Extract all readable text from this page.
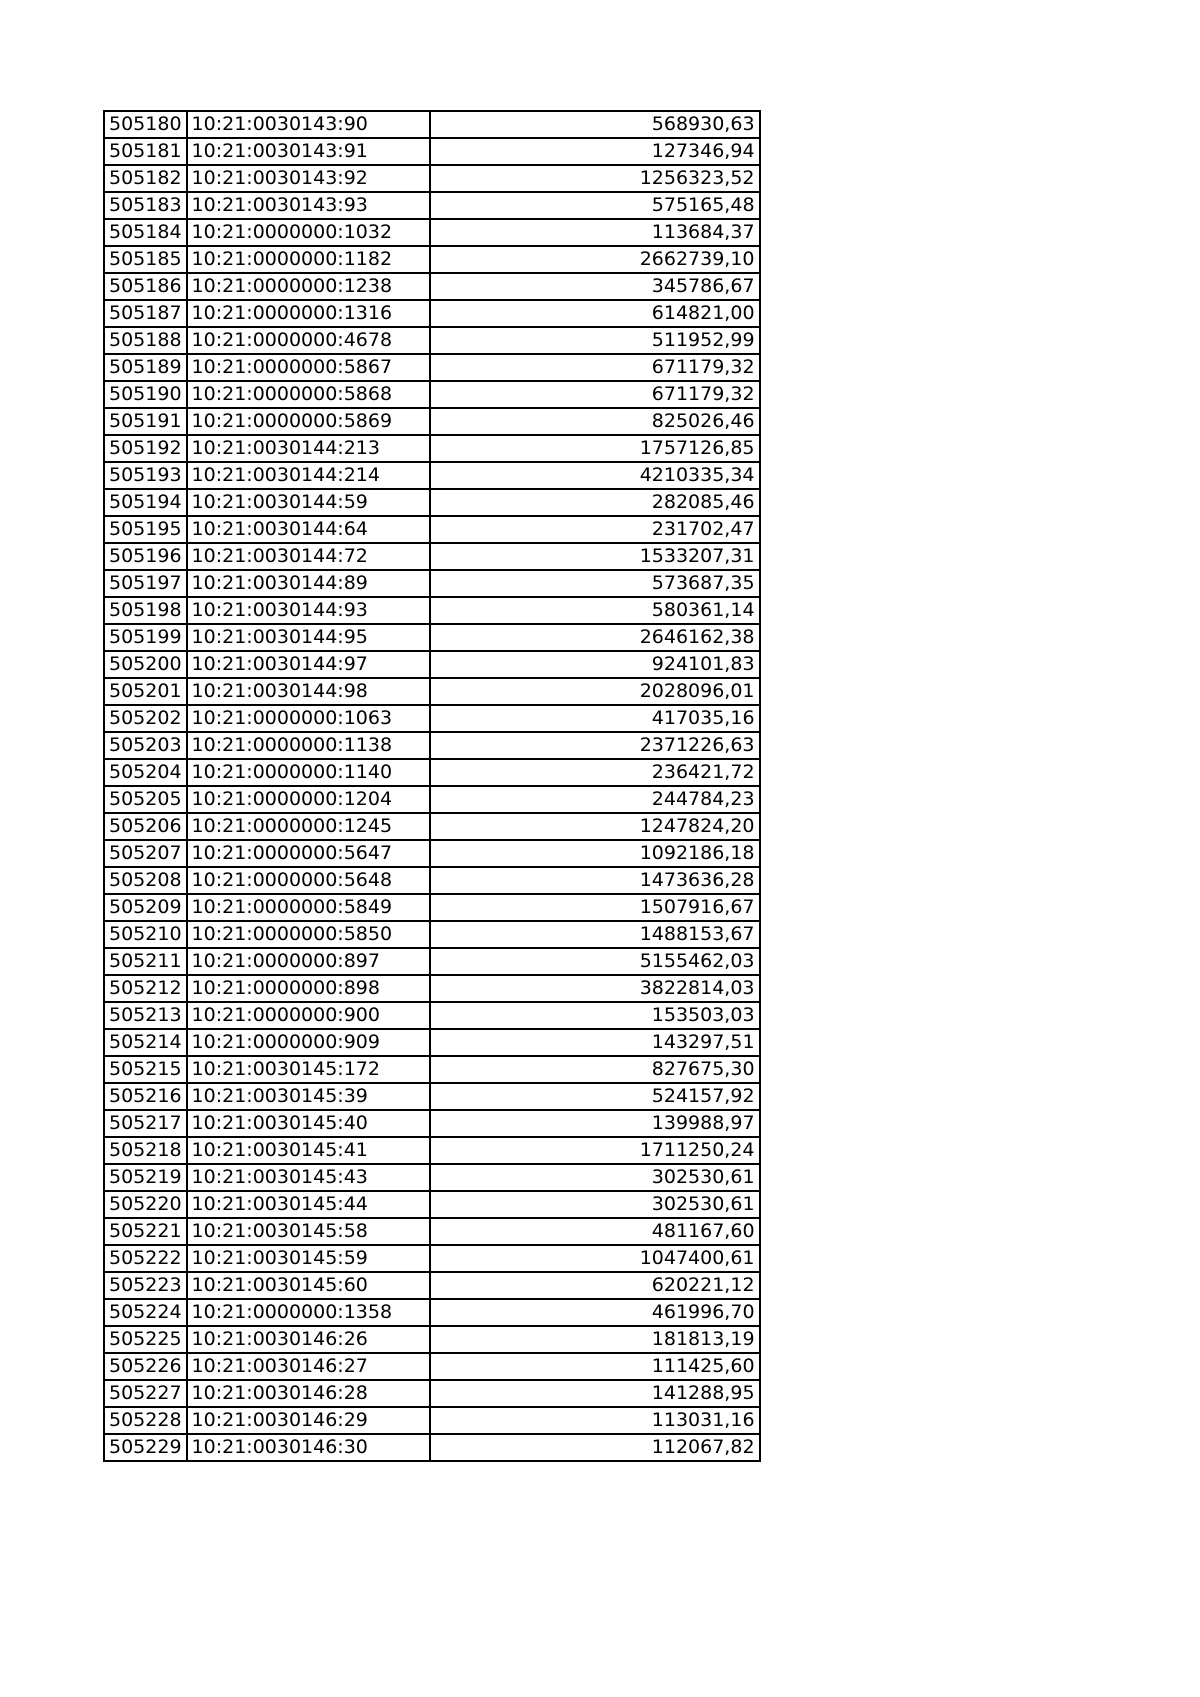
505180	10:21:0030143:90	568930,63
505181	10:21:0030143:91	127346,94
505182	10:21:0030143:92	1256323,52
505183	10:21:0030143:93	575165,48
505184	10:21:0000000:1032	113684,37
505185	10:21:0000000:1182	2662739,10
505186	10:21:0000000:1238	345786,67
505187	10:21:0000000:1316	614821,00
505188	10:21:0000000:4678	511952,99
505189	10:21:0000000:5867	671179,32
505190	10:21:0000000:5868	671179,32
505191	10:21:0000000:5869	825026,46
505192	10:21:0030144:213	1757126,85
505193	10:21:0030144:214	4210335,34
505194	10:21:0030144:59	282085,46
505195	10:21:0030144:64	231702,47
505196	10:21:0030144:72	1533207,31
505197	10:21:0030144:89	573687,35
505198	10:21:0030144:93	580361,14
505199	10:21:0030144:95	2646162,38
505200	10:21:0030144:97	924101,83
505201	10:21:0030144:98	2028096,01
505202	10:21:0000000:1063	417035,16
505203	10:21:0000000:1138	2371226,63
505204	10:21:0000000:1140	236421,72
505205	10:21:0000000:1204	244784,23
505206	10:21:0000000:1245	1247824,20
505207	10:21:0000000:5647	1092186,18
505208	10:21:0000000:5648	1473636,28
505209	10:21:0000000:5849	1507916,67
505210	10:21:0000000:5850	1488153,67
505211	10:21:0000000:897	5155462,03
505212	10:21:0000000:898	3822814,03
505213	10:21:0000000:900	153503,03
505214	10:21:0000000:909	143297,51
505215	10:21:0030145:172	827675,30
505216	10:21:0030145:39	524157,92
505217	10:21:0030145:40	139988,97
505218	10:21:0030145:41	1711250,24
505219	10:21:0030145:43	302530,61
505220	10:21:0030145:44	302530,61
505221	10:21:0030145:58	481167,60
505222	10:21:0030145:59	1047400,61
505223	10:21:0030145:60	620221,12
505224	10:21:0000000:1358	461996,70
505225	10:21:0030146:26	181813,19
505226	10:21:0030146:27	111425,60
505227	10:21:0030146:28	141288,95
505228	10:21:0030146:29	113031,16
505229	10:21:0030146:30	112067,82
